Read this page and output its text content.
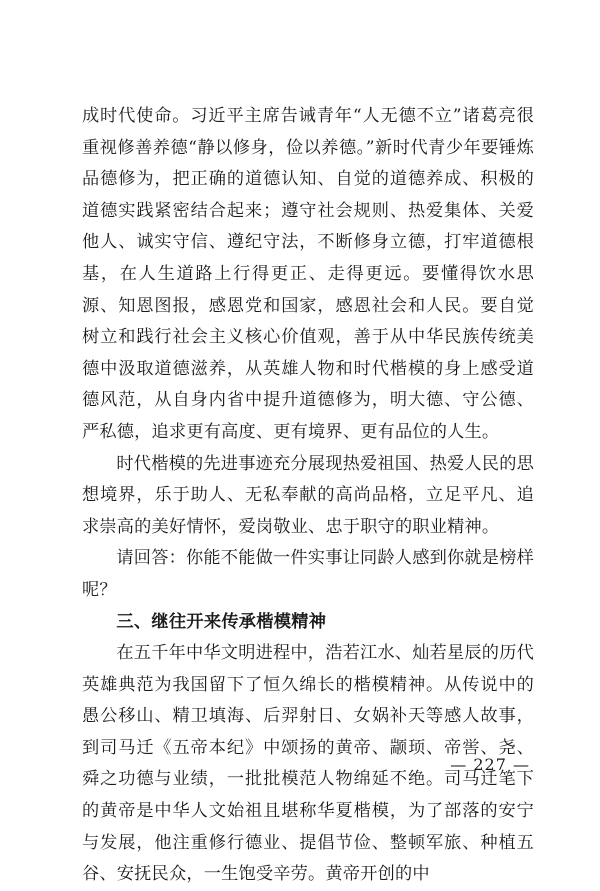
成时代使命。习近平主席告诫青年“人无德不立”诸葛亮很重视修善养德“静以修身，俭以养德。”新时代青少年要锤炼品德修为，把正确的道德认知、自觉的道德养成、积极的道德实践紧密结合起来；遵守社会规则、热爱集体、关爱他人、诚实守信、遵纪守法，不断修身立德，打牢道德根基，在人生道路上行得更正、走得更远。要懂得饮水思源、知恩图报，感恩党和国家，感恩社会和人民。要自觉树立和践行社会主义核心价值观，善于从中华民族传统美德中汲取道德滋养，从英雄人物和时代楷模的身上感受道德风范，从自身内省中提升道德修为，明大德、守公德、严私德，追求更有高度、更有境界、更有品位的人生。

时代楷模的先进事迹充分展现热爱祖国、热爱人民的思想境界，乐于助人、无私奉献的高尚品格，立足平凡、追求崇高的美好情怀，爱岗敬业、忠于职守的职业精神。

请回答：你能不能做一件实事让同龄人感到你就是榜样呢？

三、继往开来传承楷模精神

在五千年中华文明进程中，浩若江水、灿若星辰的历代英雄典范为我国留下了恒久绵长的楷模精神。从传说中的愚公移山、精卫填海、后羿射日、女娲补天等感人故事，到司马迁《五帝本纪》中颂扬的黄帝、颛顼、帝喾、尧、舜之功德与业绩，一批批模范人物绵延不绝。司马迁笔下的黄帝是中华人文始祖且堪称华夏楷模，为了部落的安宁与发展，他注重修行德业、提倡节俭、整顿军旅、种植五谷、安抚民众，一生饱受辛劳。黄帝开创的中

— 227 —
